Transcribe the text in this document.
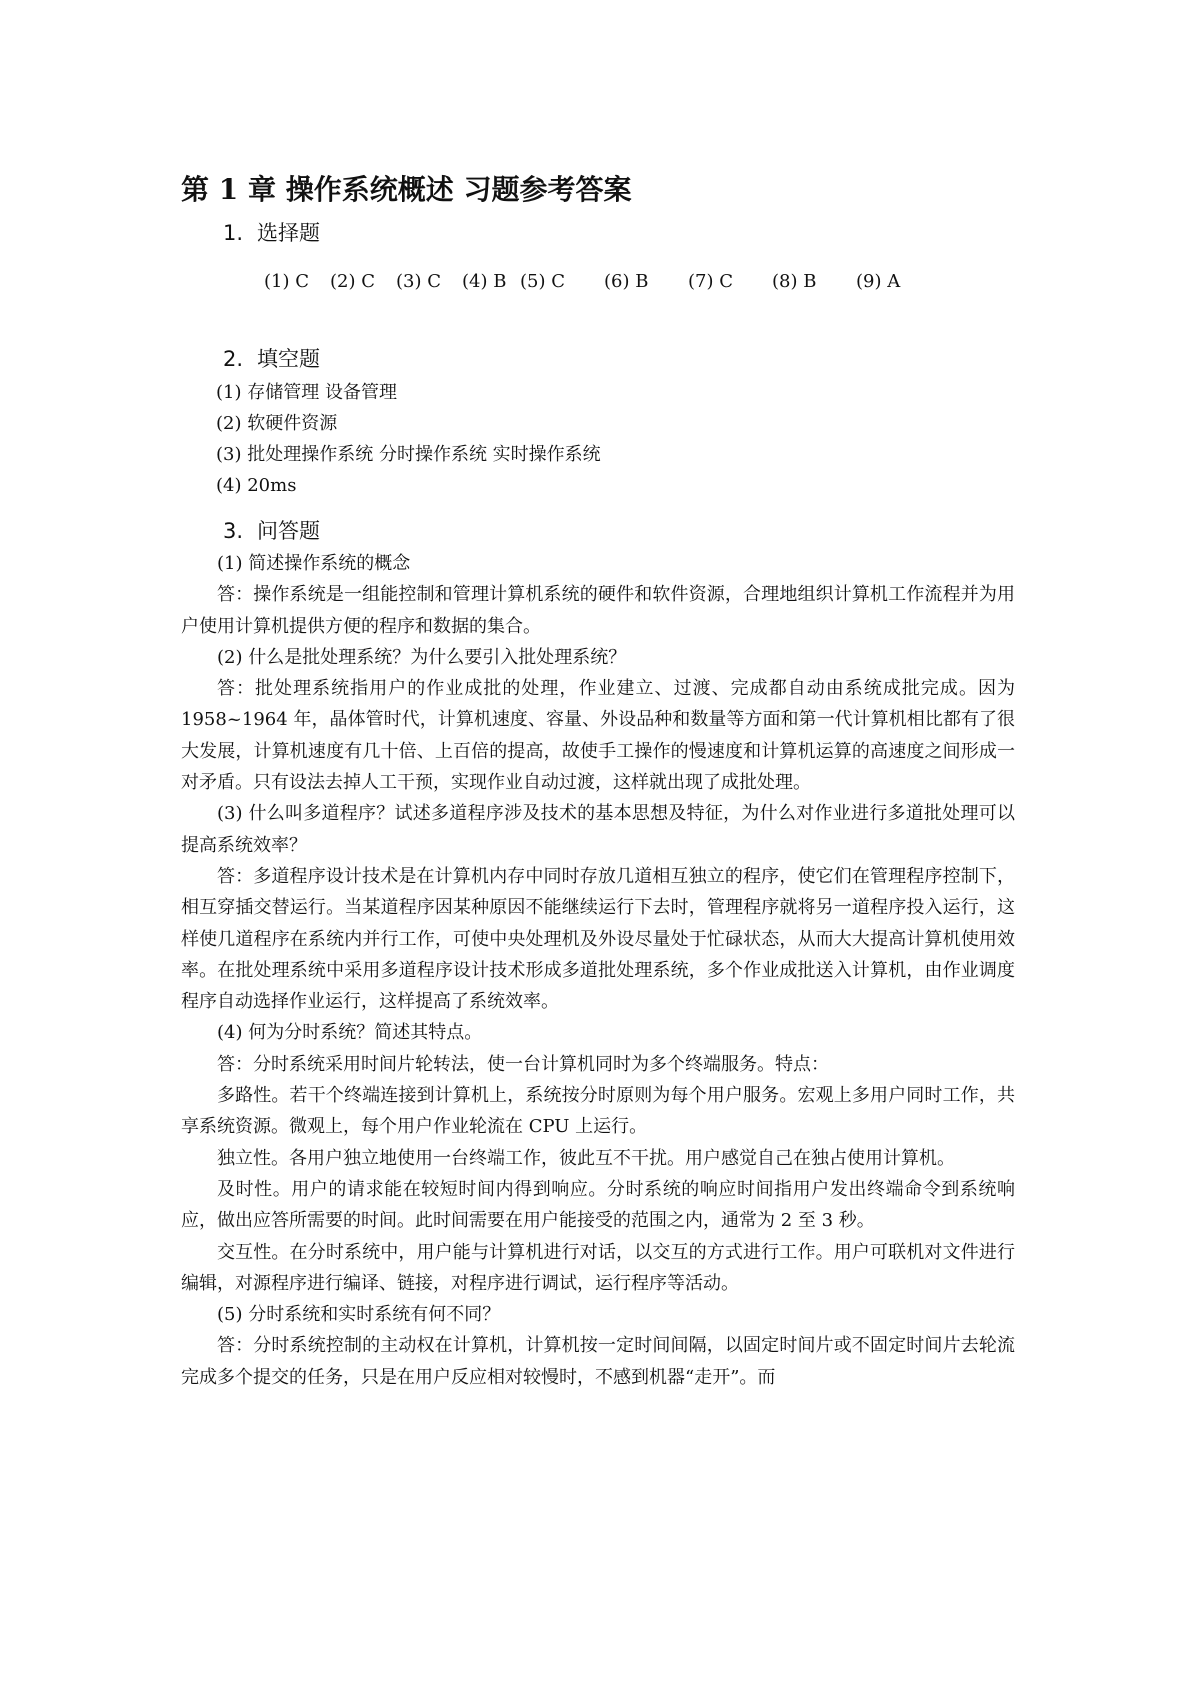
第 1 章 操作系统概述 习题参考答案
1. 选择题
(1) C (2) C (3) C (4) B (5) C (6) B (7) C (8) B (9) A
2. 填空题

(1) 存储管理 设备管理

(2) 软硬件资源

(3) 批处理操作系统 分时操作系统 实时操作系统

(4) 20ms

3. 问答题

(1) 简述操作系统的概念

答：操作系统是一组能控制和管理计算机系统的硬件和软件资源，合理地组织计算机工作流程并为用户使用计算机提供方便的程序和数据的集合。

(2) 什么是批处理系统？为什么要引入批处理系统？

答：批处理系统指用户的作业成批的处理，作业建立、过渡、完成都自动由系统成批完成。因为 1958~1964 年，晶体管时代，计算机速度、容量、外设品种和数量等方面和第一代计算机相比都有了很大发展，计算机速度有几十倍、上百倍的提高，故使手工操作的慢速度和计算机运算的高速度之间形成一对矛盾。只有设法去掉人工干预，实现作业自动过渡，这样就出现了成批处理。

(3) 什么叫多道程序？试述多道程序涉及技术的基本思想及特征，为什么对作业进行多道批处理可以提高系统效率？

答：多道程序设计技术是在计算机内存中同时存放几道相互独立的程序，使它们在管理程序控制下，相互穿插交替运行。当某道程序因某种原因不能继续运行下去时，管理程序就将另一道程序投入运行，这样使几道程序在系统内并行工作，可使中央处理机及外设尽量处于忙碌状态，从而大大提高计算机使用效率。在批处理系统中采用多道程序设计技术形成多道批处理系统，多个作业成批送入计算机，由作业调度程序自动选择作业运行，这样提高了系统效率。

(4) 何为分时系统？简述其特点。

答：分时系统采用时间片轮转法，使一台计算机同时为多个终端服务。特点：

多路性。若干个终端连接到计算机上，系统按分时原则为每个用户服务。宏观上多用户同时工作，共享系统资源。微观上，每个用户作业轮流在 CPU 上运行。

独立性。各用户独立地使用一台终端工作，彼此互不干扰。用户感觉自己在独占使用计算机。

及时性。用户的请求能在较短时间内得到响应。分时系统的响应时间指用户发出终端命令到系统响应，做出应答所需要的时间。此时间需要在用户能接受的范围之内，通常为 2 至 3 秒。

交互性。在分时系统中，用户能与计算机进行对话，以交互的方式进行工作。用户可联机对文件进行编辑，对源程序进行编译、链接，对程序进行调试，运行程序等活动。

(5) 分时系统和实时系统有何不同？

答：分时系统控制的主动权在计算机，计算机按一定时间间隔，以固定时间片或不固定时间片去轮流完成多个提交的任务，只是在用户反应相对较慢时，不感到机器“走开”。而
